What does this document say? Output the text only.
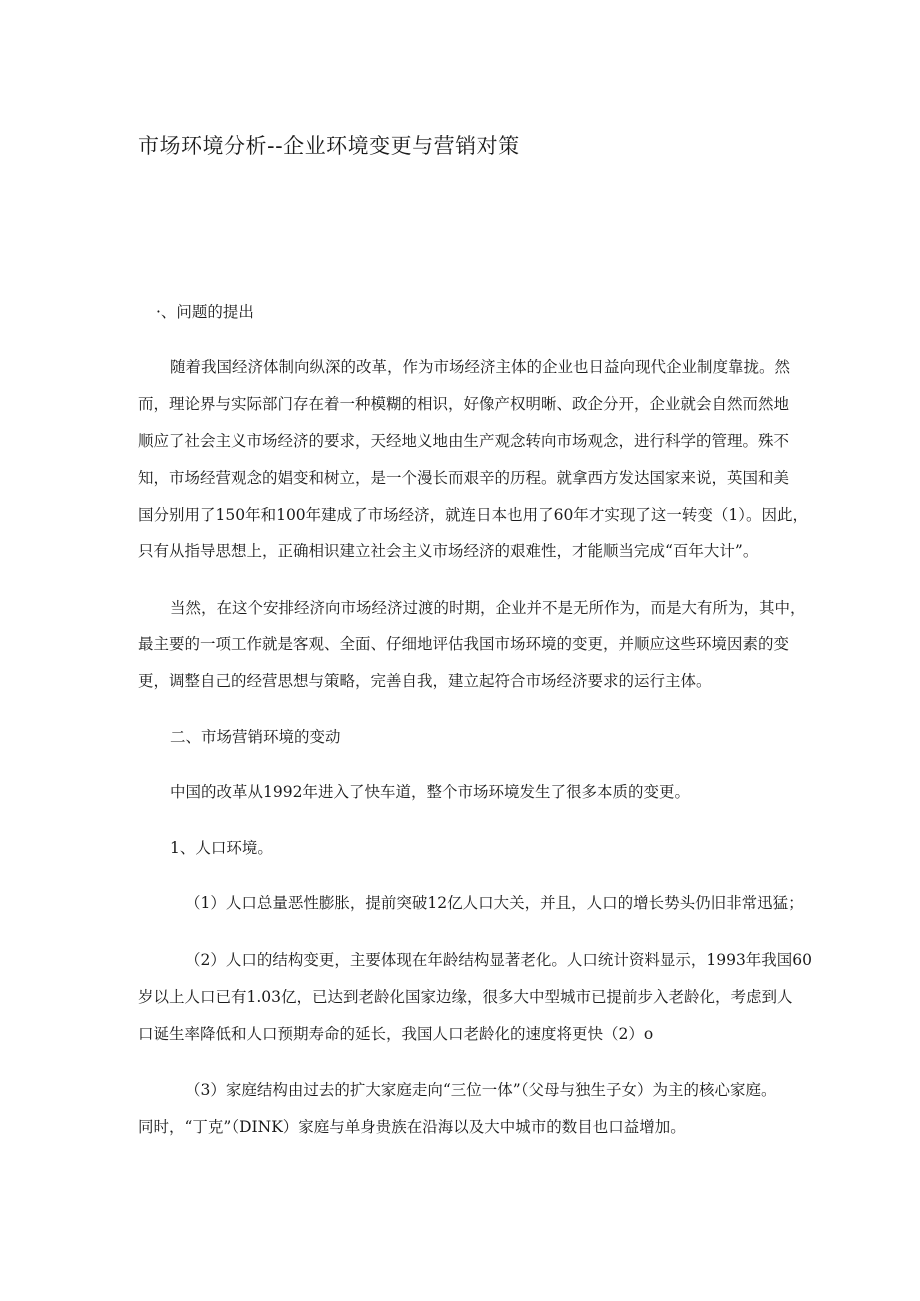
市场环境分析--企业环境变更与营销对策

·、问题的提出

随着我国经济体制向纵深的改革，作为市场经济主体的企业也日益向现代企业制度靠拢。然

而，理论界与实际部门存在着一种模糊的相识，好像产权明晰、政企分开，企业就会自然而然地

顺应了社会主义市场经济的要求，天经地义地由生产观念转向市场观念，进行科学的管理。殊不

知，市场经营观念的娼变和树立，是一个漫长而艰辛的历程。就拿西方发达国家来说，英国和美

国分别用了150年和100年建成了市场经济，就连日本也用了60年才实现了这一转变（1）。因此，

只有从指导思想上，正确相识建立社会主义市场经济的艰难性，才能顺当完成“百年大计”。

当然，在这个安排经济向市场经济过渡的时期，企业并不是无所作为，而是大有所为，其中，

最主要的一项工作就是客观、全面、仔细地评估我国市场环境的变更，并顺应这些环境因素的变

更，调整自己的经营思想与策略，完善自我，建立起符合市场经济要求的运行主体。

二、市场营销环境的变动

中国的改革从1992年进入了快车道，整个市场环境发生了很多本质的变更。

1、人口环境。

（1）人口总量恶性膨胀，提前突破12亿人口大关，并且，人口的增长势头仍旧非常迅猛；

（2）人口的结构变更，主要体现在年龄结构显著老化。人口统计资料显示，1993年我国60

岁以上人口已有1.03亿，已达到老龄化国家边缘，很多大中型城市已提前步入老龄化，考虑到人

口诞生率降低和人口预期寿命的延长，我国人口老龄化的速度将更快（2）o

（3）家庭结构由过去的扩大家庭走向“三位一体”（父母与独生子女）为主的核心家庭。

同时，“丁克”（DINK）家庭与单身贵族在沿海以及大中城市的数目也口益增加。
